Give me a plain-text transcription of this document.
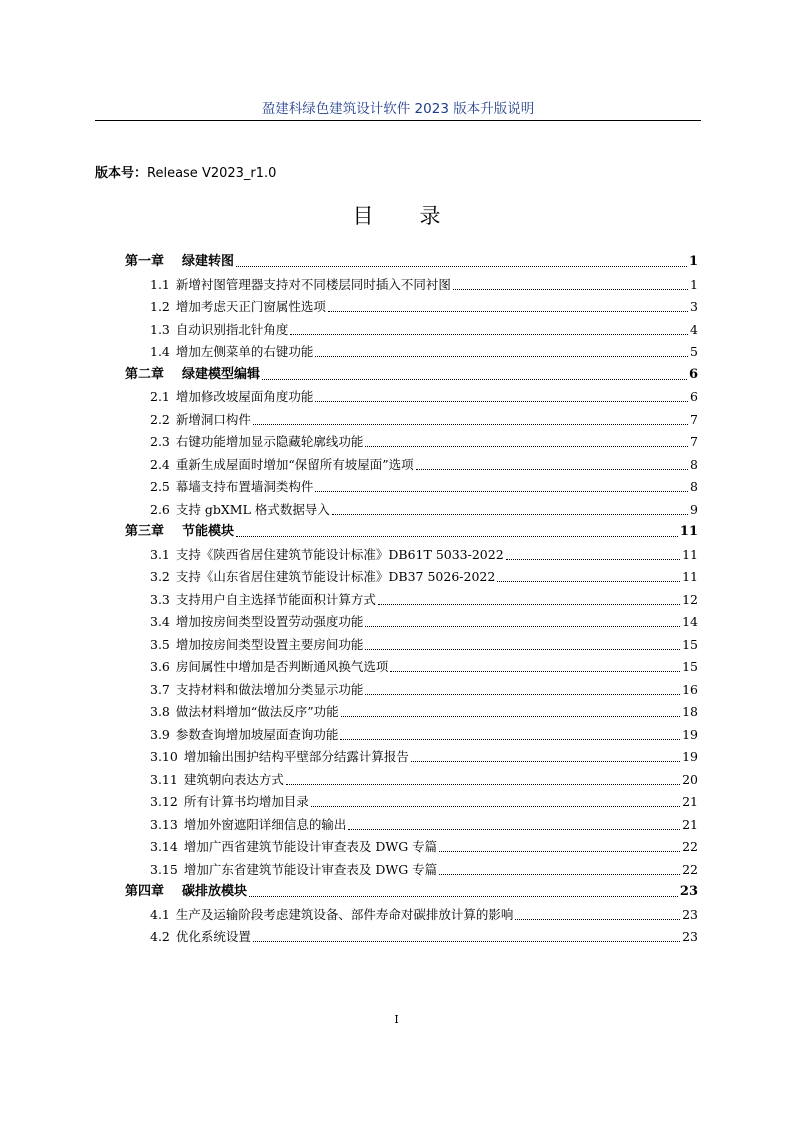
盈建科绿色建筑设计软件 2023 版本升版说明
版本号：Release V2023_r1.0
目 录
第一章 绿建转图	1
1.1 新增衬图管理器支持对不同楼层同时插入不同衬图	1
1.2 增加考虑天正门窗属性选项	3
1.3 自动识别指北针角度	4
1.4 增加左侧菜单的右键功能	5
第二章 绿建模型编辑	6
2.1 增加修改坡屋面角度功能	6
2.2 新增洞口构件	7
2.3 右键功能增加显示隐藏轮廓线功能	7
2.4 重新生成屋面时增加“保留所有坡屋面”选项	8
2.5 幕墙支持布置墙洞类构件	8
2.6 支持 gbXML 格式数据导入	9
第三章 节能模块	11
3.1 支持《陕西省居住建筑节能设计标准》DB61T 5033-2022	11
3.2 支持《山东省居住建筑节能设计标准》DB37 5026-2022	11
3.3 支持用户自主选择节能面积计算方式	12
3.4 增加按房间类型设置劳动强度功能	14
3.5 增加按房间类型设置主要房间功能	15
3.6 房间属性中增加是否判断通风换气选项	15
3.7 支持材料和做法增加分类显示功能	16
3.8 做法材料增加“做法反序”功能	18
3.9 参数查询增加坡屋面查询功能	19
3.10 增加输出围护结构平壁部分结露计算报告	19
3.11 建筑朝向表达方式	20
3.12 所有计算书均增加目录	21
3.13 增加外窗遮阳详细信息的输出	21
3.14 增加广西省建筑节能设计审查表及 DWG 专篇	22
3.15 增加广东省建筑节能设计审查表及 DWG 专篇	22
第四章 碳排放模块	23
4.1 生产及运输阶段考虑建筑设备、部件寿命对碳排放计算的影响	23
4.2 优化系统设置	23
I
